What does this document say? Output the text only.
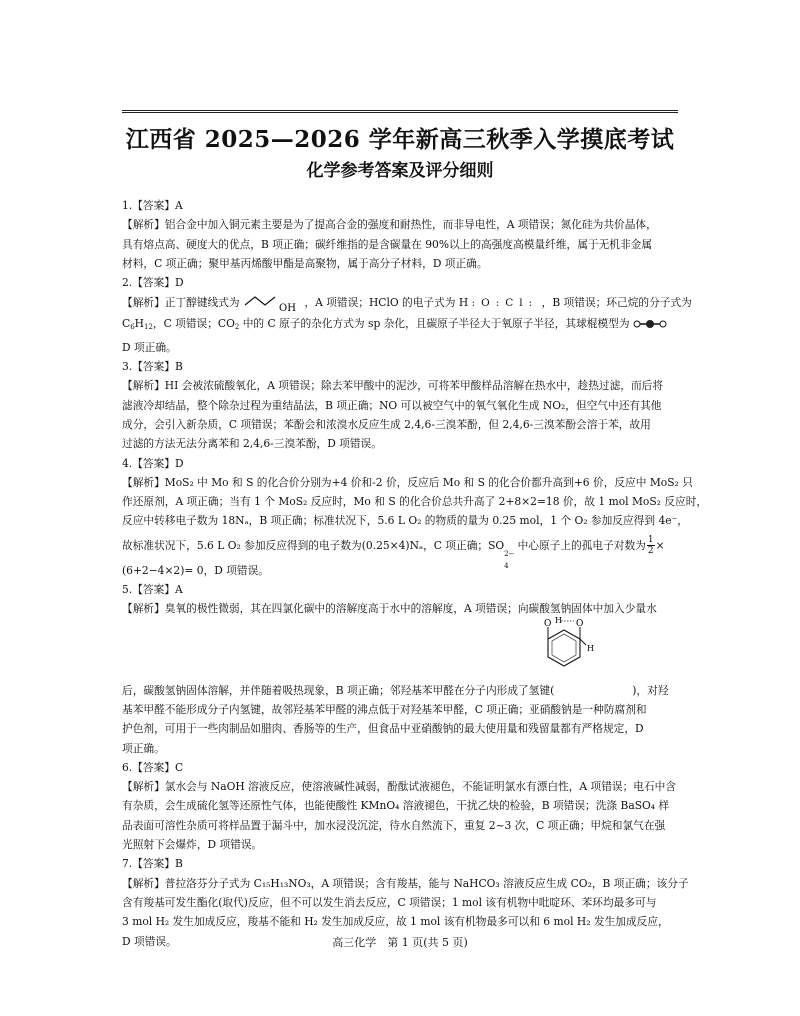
江西省 2025—2026 学年新高三秋季入学摸底考试
化学参考答案及评分细则
1.【答案】A
【解析】铝合金中加入铜元素主要是为了提高合金的强度和耐热性，而非导电性，A 项错误；氮化硅为共价晶体，
具有熔点高、硬度大的优点，B 项正确；碳纤维指的是含碳量在 90%以上的高强度高模量纤维，属于无机非金属
材料，C 项正确；聚甲基丙烯酸甲酯是高聚物，属于高分子材料，D 项正确。
2.【答案】D
【解析】正丁醇键线式为	OH ，A 项错误；HClO 的电子式为 H :O:Cl: ，B 项错误；环己烷的分子式为
$C_6H_{12}$，C 项错误；$CO_2$ 中的 C 原子的杂化方式为 sp 杂化，且碳原子半径大于氧原子半径，其球棍模型为
D 项正确。
3.【答案】B
【解析】HI 会被浓硫酸氧化，A 项错误；除去苯甲酸中的泥沙，可将苯甲酸样品溶解在热水中，趁热过滤，而后将
滤液冷却结晶，整个除杂过程为重结晶法，B 项正确；NO 可以被空气中的氧气氧化生成 NO₂，但空气中还有其他
成分，会引入新杂质，C 项错误；苯酚会和浓溴水反应生成 2,4,6-三溴苯酚，但 2,4,6-三溴苯酚会溶于苯，故用
过滤的方法无法分离苯和 2,4,6-三溴苯酚，D 项错误。
4.【答案】D
【解析】MoS₂ 中 Mo 和 S 的化合价分别为+4 价和-2 价，反应后 Mo 和 S 的化合价都升高到+6 价，反应中 MoS₂ 只
作还原剂，A 项正确；当有 1 个 MoS₂ 反应时，Mo 和 S 的化合价总共升高了 2+8×2=18 价，故 1 mol MoS₂ 反应时，
反应中转移电子数为 18Nₐ，B 项正确；标准状况下，5.6 L O₂ 的物质的量为 0.25 mol，1 个 O₂ 参加反应得到 4e⁻，
故标准状况下，5.6 L O₂ 参加反应得到的电子数为(0.25×4)Nₐ，C 项正确；SO
2−
4
中心原子上的孤电子对数为 $\frac{1}{2}$ ×
(6+2−4×2)= 0，D 项错误。
5.【答案】A
【解析】臭氧的极性微弱，其在四氯化碳中的溶解度高于水中的溶解度，A 项错误；向碳酸氢钠固体中加入少量水
O H O
H
后，碳酸氢钠固体溶解，并伴随着吸热现象，B 项正确；邻羟基苯甲醛在分子内形成了氢键(	)，对羟
基苯甲醛不能形成分子内氢键，故邻羟基苯甲醛的沸点低于对羟基苯甲醛，C 项正确；亚硝酸钠是一种防腐剂和
护色剂，可用于一些肉制品如腊肉、香肠等的生产，但食品中亚硝酸钠的最大使用量和残留量都有严格规定，D
项正确。
6.【答案】C
【解析】氯水会与 NaOH 溶液反应，使溶液碱性减弱，酚酞试液褪色，不能证明氯水有漂白性，A 项错误；电石中含
有杂质，会生成硫化氢等还原性气体，也能使酸性 KMnO₄ 溶液褪色，干扰乙炔的检验，B 项错误；洗涤 BaSO₄ 样
品表面可溶性杂质可将样品置于漏斗中，加水浸没沉淀，待水自然流下，重复 2~3 次，C 项正确；甲烷和氯气在强
光照射下会爆炸，D 项错误。
7.【答案】B
【解析】普拉洛芬分子式为 C₁₅H₁₃NO₃，A 项错误；含有羧基，能与 NaHCO₃ 溶液反应生成 CO₂，B 项正确；该分子
含有羧基可发生酯化(取代)反应，但不可以发生消去反应，C 项错误；1 mol 该有机物中吡啶环、苯环均最多可与
3 mol H₂ 发生加成反应，羧基不能和 H₂ 发生加成反应，故 1 mol 该有机物最多可以和 6 mol H₂ 发生加成反应，
D 项错误。	高三化学　第 1 页(共 5 页)
